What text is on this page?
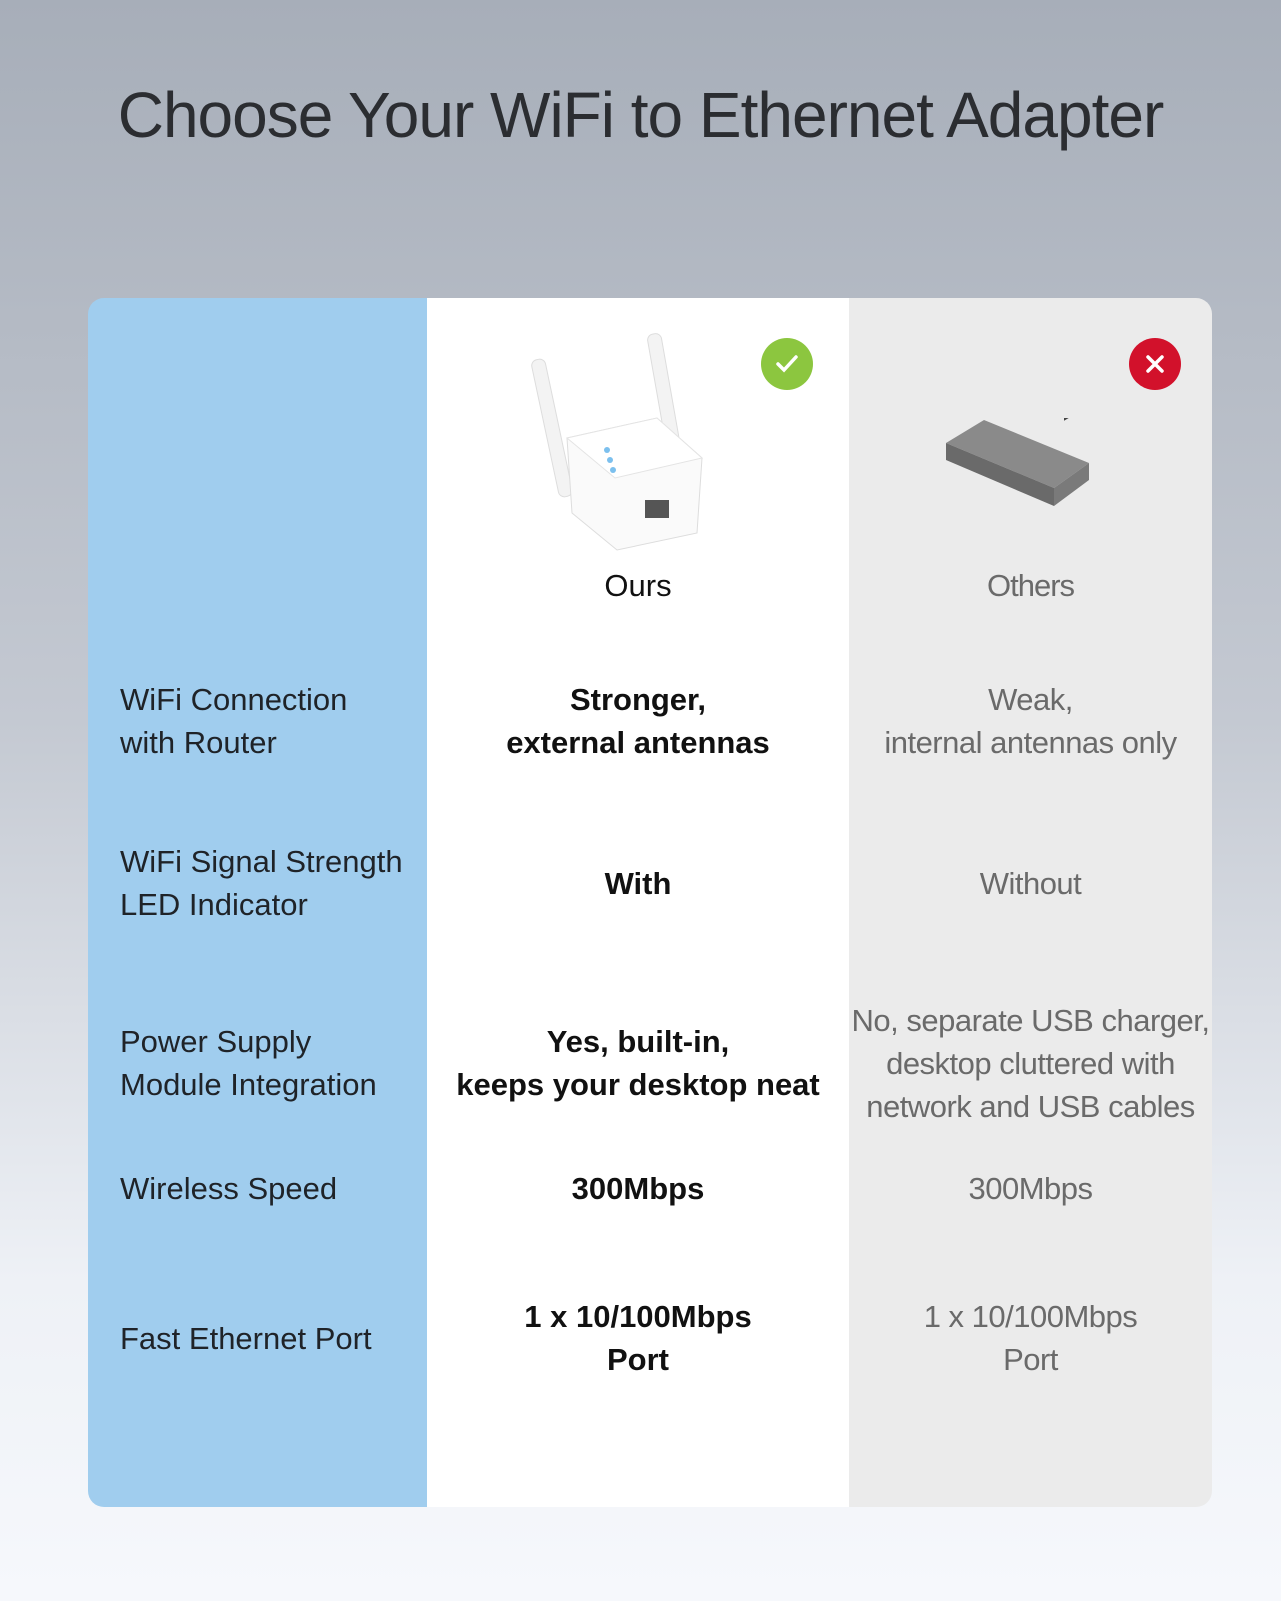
Choose Your WiFi to Ethernet Adapter
WiFi Connection
with Router
WiFi Signal Strength
LED Indicator
Power Supply
Module Integration
Wireless Speed
Fast Ethernet Port
Ours
Stronger,
external antennas
With
Yes, built-in,
keeps your desktop neat
300Mbps
1 x 10/100Mbps
Port
Others
Weak,
internal antennas only
Without
No, separate USB charger,
desktop cluttered with
network and USB cables
300Mbps
1 x 10/100Mbps
Port
